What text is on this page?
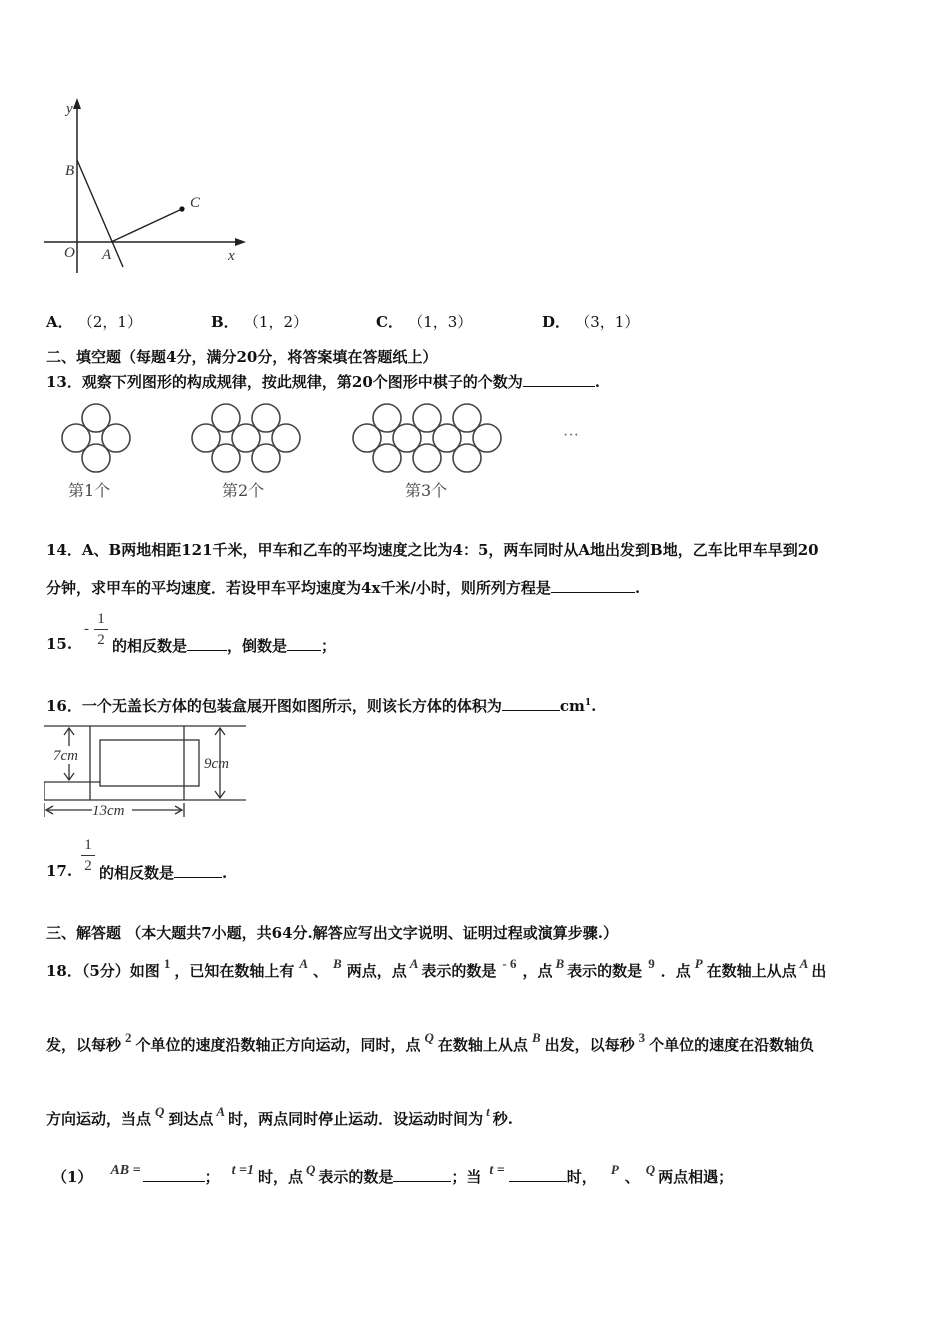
y
x
O A
B
C
A． （2，1）	B． （1，2）	C． （1，3）	D． （3，1）
二、填空题（每题4分，满分20分，将答案填在答题纸上）
13．观察下列图形的构成规律，按此规律，第20个图形中棋子的个数为	.
···
第1个	第2个	第3个
14．A、B两地相距121千米，甲车和乙车的平均速度之比为4：5，两车同时从A地出发到B地，乙车比甲车早到20
分钟，求甲车的平均速度．若设甲车平均速度为4x千米/小时，则所列方程是	.
15.
-
1
2 的相反数是	，倒数是 ；
16．一个无盖长方体的包装盒展开图如图所示，则该长方体的体积为	$cm^1$.
7cm	9cm
13cm
17.
1
2 的相反数是	.
三、解答题 （本大题共7小题，共64分.解答应写出文字说明、证明过程或演算步骤.）
18．（5分）如图 1 ，已知在数轴上有 A 、 B 两点，点 A 表示的数是 - 6 ，点 B 表示的数是 9 ．点 P 在数轴上从点 A 出
发，以每秒 2 个单位的速度沿数轴正方向运动，同时，点 Q 在数轴上从点 B 出发，以每秒 3 个单位的速度在沿数轴负
方向运动，当点 Q 到达点 A 时，两点同时停止运动．设运动时间为 t 秒.
（1） AB =	； t =1 时，点 Q 表示的数是	；当 t =	时， P 、 Q 两点相遇；
